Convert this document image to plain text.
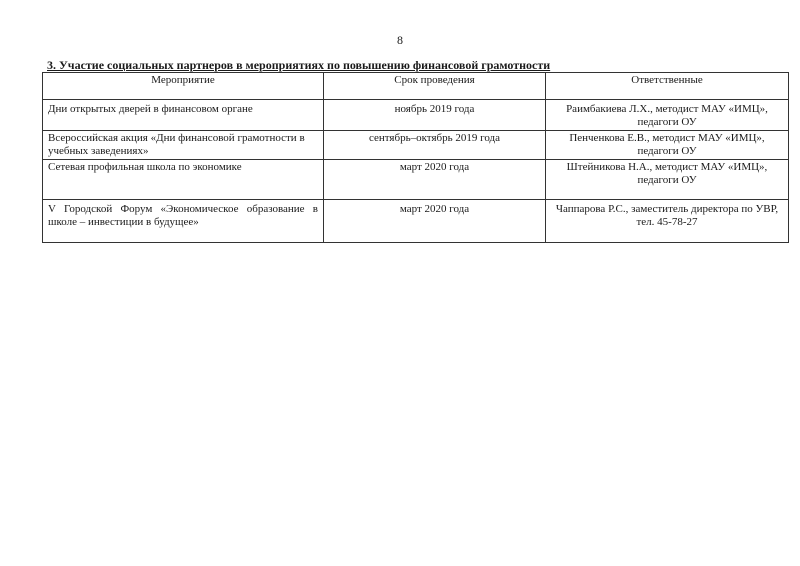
8
3. Участие социальных партнеров в мероприятиях по повышению финансовой грамотности
Мероприятие	Срок проведения	Ответственные
Дни открытых дверей в финансовом органе	ноябрь 2019 года	Раимбакиева Л.Х., методист МАУ «ИМЦ», педагоги ОУ
Всероссийская акция «Дни финансовой грамотности в учебных заведениях»	сентябрь–октябрь 2019 года	Пенченкова Е.В., методист МАУ «ИМЦ», педагоги ОУ
Сетевая профильная школа по экономике	март 2020 года	Штейникова Н.А., методист МАУ «ИМЦ», педагоги ОУ
V Городской Форум «Экономическое образование в школе – инвестиции в будущее»	март 2020 года	Чаппарова Р.С., заместитель директора по УВР, тел. 45-78-27
